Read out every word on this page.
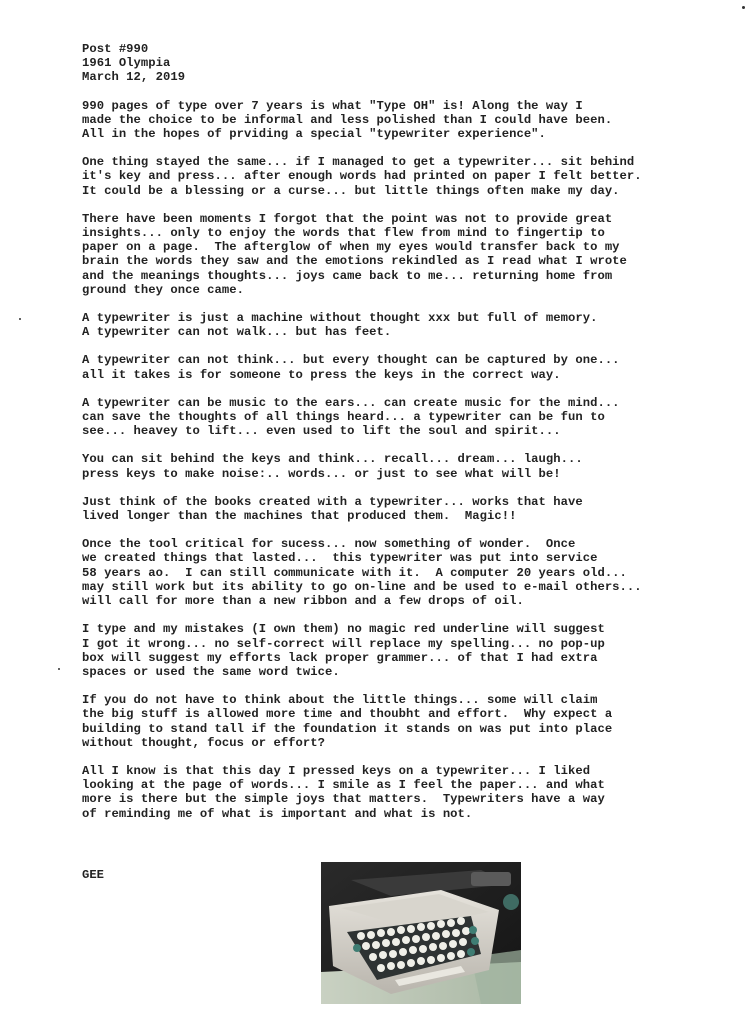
Post #990
1961 Olympia
March 12, 2019
990 pages of type over 7 years is what "Type OH" is! Along the way I
made the choice to be informal and less polished than I could have been.
All in the hopes of prviding a special "typewriter experience".
One thing stayed the same... if I managed to get a typewriter... sit behind
it's key and press... after enough words had printed on paper I felt better.
It could be a blessing or a curse... but little things often make my day.
There have been moments I forgot that the point was not to provide great
insights... only to enjoy the words that flew from mind to fingertip to
paper on a page.  The afterglow of when my eyes would transfer back to my
brain the words they saw and the emotions rekindled as I read what I wrote
and the meanings thoughts... joys came back to me... returning home from
ground they once came.
A typewriter is just a machine without thought xxx but full of memory.
A typewriter can not walk... but has feet.
A typewriter can not think... but every thought can be captured by one...
all it takes is for someone to press the keys in the correct way.
A typewriter can be music to the ears... can create music for the mind...
can save the thoughts of all things heard... a typewriter can be fun to
see... heavey to lift... even used to lift the soul and spirit...
You can sit behind the keys and think... recall... dream... laugh...
press keys to make noise:.. words... or just to see what will be!
Just think of the books created with a typewriter... works that have
lived longer than the machines that produced them.  Magic!!
Once the tool critical for sucess... now something of wonder.  Once
we created things that lasted...  this typewriter was put into service
58 years ao.  I can still communicate with it.  A computer 20 years old...
may still work but its ability to go on-line and be used to e-mail others...
will call for more than a new ribbon and a few drops of oil.
I type and my mistakes (I own them) no magic red underline will suggest
I got it wrong... no self-correct will replace my spelling... no pop-up
box will suggest my efforts lack proper grammer... of that I had extra
spaces or used the same word twice.
If you do not have to think about the little things... some will claim
the big stuff is allowed more time and thoubht and effort.  Why expect a
building to stand tall if the foundation it stands on was put into place
without thought, focus or effort?
All I know is that this day I pressed keys on a typewriter... I liked
looking at the page of words... I smile as I feel the paper... and what
more is there but the simple joys that matters.  Typewriters have a way
of reminding me of what is important and what is not.
GEE
